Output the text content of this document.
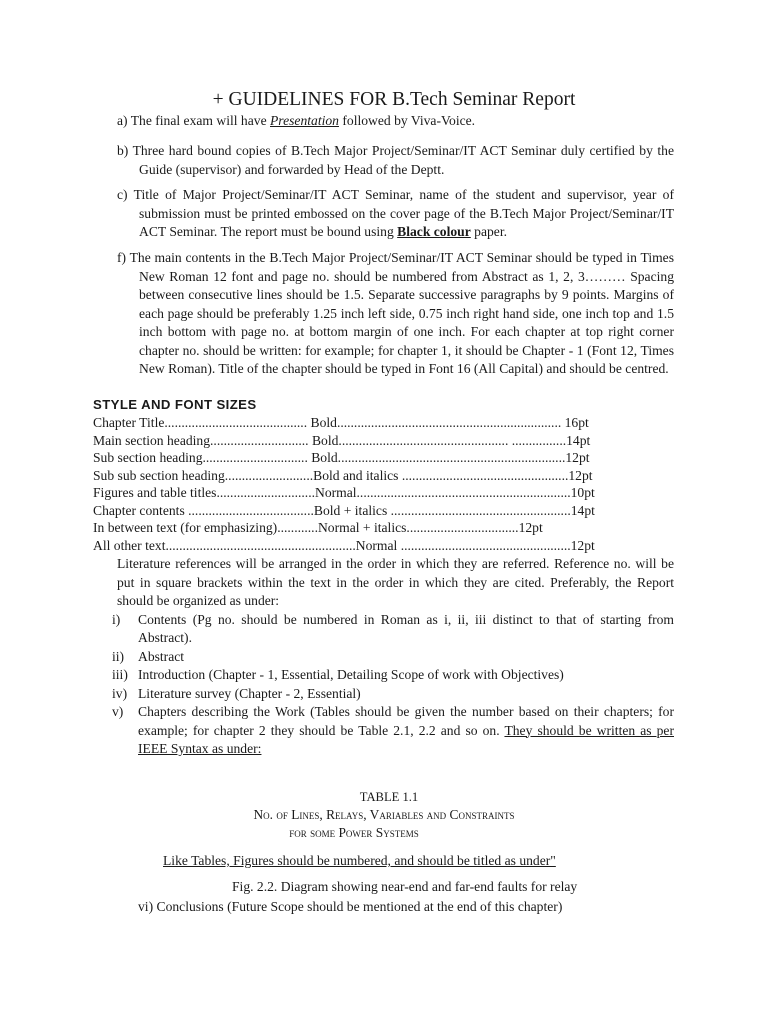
+ GUIDELINES FOR B.Tech Seminar Report
a) The final exam will have Presentation followed by Viva-Voice.
b) Three hard bound copies of B.Tech Major Project/Seminar/IT ACT Seminar duly certified by the Guide (supervisor) and forwarded by Head of the Deptt.
c) Title of Major Project/Seminar/IT ACT Seminar, name of the student and supervisor, year of submission must be printed embossed on the cover page of the B.Tech Major Project/Seminar/IT ACT Seminar. The report must be bound using Black colour paper.
f) The main contents in the B.Tech Major Project/Seminar/IT ACT Seminar should be typed in Times New Roman 12 font and page no. should be numbered from Abstract as 1, 2, 3……… Spacing between consecutive lines should be 1.5. Separate successive paragraphs by 9 points. Margins of each page should be preferably 1.25 inch left side, 0.75 inch right hand side, one inch top and 1.5 inch bottom with page no. at bottom margin of one inch. For each chapter at top right corner chapter no. should be written: for example; for chapter 1, it should be Chapter - 1 (Font 12, Times New Roman). Title of the chapter should be typed in Font 16 (All Capital) and should be centred.
STYLE AND FONT SIZES
Chapter Title.......................................... Bold.................................................................. 16pt
Main section heading............................. Bold.................................................. ................14pt
Sub section heading............................... Bold...................................................................12pt
Sub sub section heading..........................Bold and italics .................................................12pt
Figures and table titles.............................Normal...............................................................10pt
Chapter contents .....................................Bold + italics .....................................................14pt
In between text (for emphasizing)............Normal + italics.................................12pt
All other text........................................................Normal ..................................................12pt

Literature references will be arranged in the order in which they are referred. Reference no. will be put in square brackets within the text in the order in which they are cited. Preferably, the Report should be organized as under:

i) Contents (Pg no. should be numbered in Roman as i, ii, iii distinct to that of starting from Abstract).
ii) Abstract
iii) Introduction (Chapter - 1, Essential, Detailing Scope of work with Objectives)
iv) Literature survey (Chapter - 2, Essential)
v) Chapters describing the Work (Tables should be given the number based on their chapters; for example; for chapter 2 they should be Table 2.1, 2.2 and so on. They should be written as per IEEE Syntax as under:
TABLE 1.1
No. of Lines, Relays, Variables and Constraints
for some Power Systems
Like Tables, Figures should be numbered, and should be titled as under"
Fig. 2.2. Diagram showing near-end and far-end faults for relay
vi) Conclusions (Future Scope should be mentioned at the end of this chapter)
